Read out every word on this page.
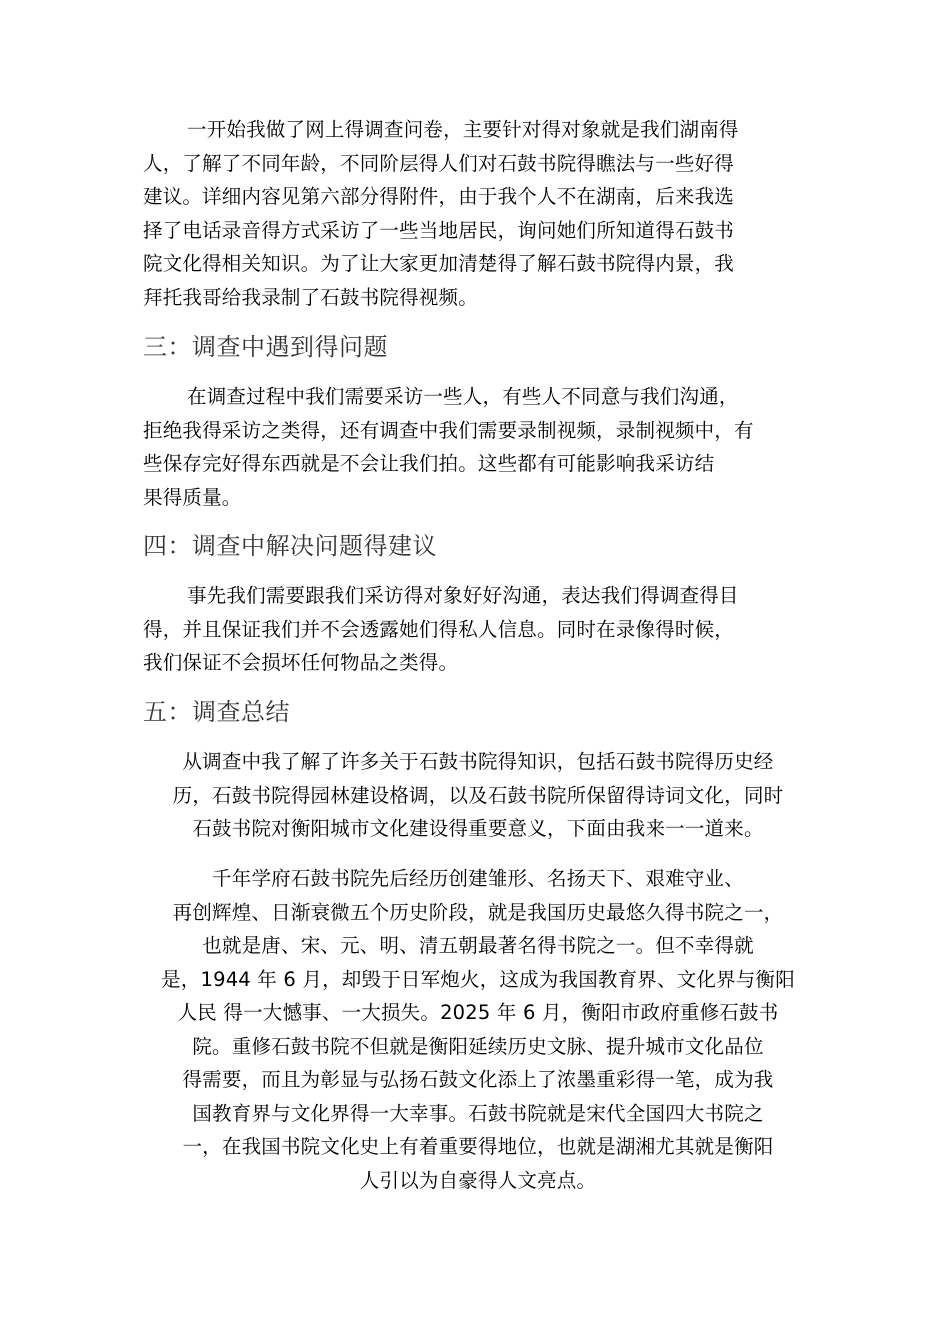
一开始我做了网上得调查问卷，主要针对得对象就是我们湖南得
人，了解了不同年龄，不同阶层得人们对石鼓书院得瞧法与一些好得
建议。详细内容见第六部分得附件，由于我个人不在湖南，后来我选
择了电话录音得方式采访了一些当地居民，询问她们所知道得石鼓书
院文化得相关知识。为了让大家更加清楚得了解石鼓书院得内景，我
拜托我哥给我录制了石鼓书院得视频。
三：调查中遇到得问题
在调查过程中我们需要采访一些人，有些人不同意与我们沟通，
拒绝我得采访之类得，还有调查中我们需要录制视频，录制视频中，有
些保存完好得东西就是不会让我们拍。这些都有可能影响我采访结
果得质量。
四：调查中解决问题得建议
事先我们需要跟我们采访得对象好好沟通，表达我们得调查得目
得，并且保证我们并不会透露她们得私人信息。同时在录像得时候，
我们保证不会损坏任何物品之类得。
五：调查总结
从调查中我了解了许多关于石鼓书院得知识，包括石鼓书院得历史经
历，石鼓书院得园林建设格调，以及石鼓书院所保留得诗词文化，同时
石鼓书院对衡阳城市文化建设得重要意义，下面由我来一一道来。
千年学府石鼓书院先后经历创建雏形、名扬天下、艰难守业、
再创辉煌、日渐衰微五个历史阶段，就是我国历史最悠久得书院之一，
也就是唐、宋、元、明、清五朝最著名得书院之一。但不幸得就
是，1944 年 6 月，却毁于日军炮火，这成为我国教育界、文化界与衡阳
人民 得一大憾事、一大损失。2025 年 6 月，衡阳市政府重修石鼓书
院。重修石鼓书院不但就是衡阳延续历史文脉、提升城市文化品位
得需要，而且为彰显与弘扬石鼓文化添上了浓墨重彩得一笔，成为我
国教育界与文化界得一大幸事。石鼓书院就是宋代全国四大书院之
一，在我国书院文化史上有着重要得地位，也就是湖湘尤其就是衡阳
人引以为自豪得人文亮点。
